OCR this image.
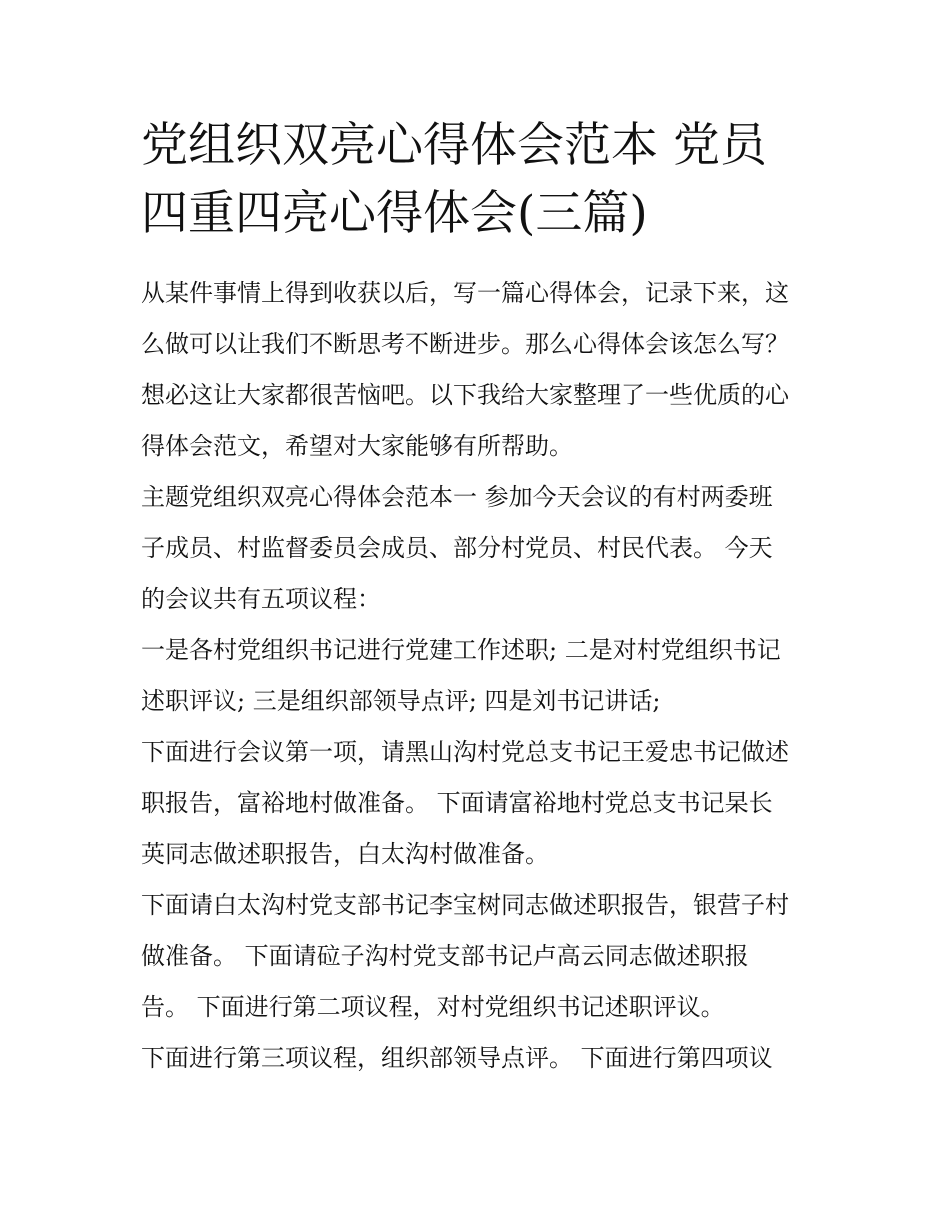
党组织双亮心得体会范本 党员
四重四亮心得体会(三篇)

从某件事情上得到收获以后，写一篇心得体会，记录下来，这
么做可以让我们不断思考不断进步。那么心得体会该怎么写？
想必这让大家都很苦恼吧。以下我给大家整理了一些优质的心
得体会范文，希望对大家能够有所帮助。

主题党组织双亮心得体会范本一 参加今天会议的有村两委班
子成员、村监督委员会成员、部分村党员、村民代表。 今天
的会议共有五项议程：

一是各村党组织书记进行党建工作述职; 二是对村党组织书记
述职评议; 三是组织部领导点评; 四是刘书记讲话;

下面进行会议第一项，请黑山沟村党总支书记王爱忠书记做述
职报告，富裕地村做准备。 下面请富裕地村党总支书记杲长
英同志做述职报告，白太沟村做准备。

下面请白太沟村党支部书记李宝树同志做述职报告，银营子村
做准备。 下面请砬子沟村党支部书记卢高云同志做述职报
告。 下面进行第二项议程，对村党组织书记述职评议。

下面进行第三项议程，组织部领导点评。 下面进行第四项议
